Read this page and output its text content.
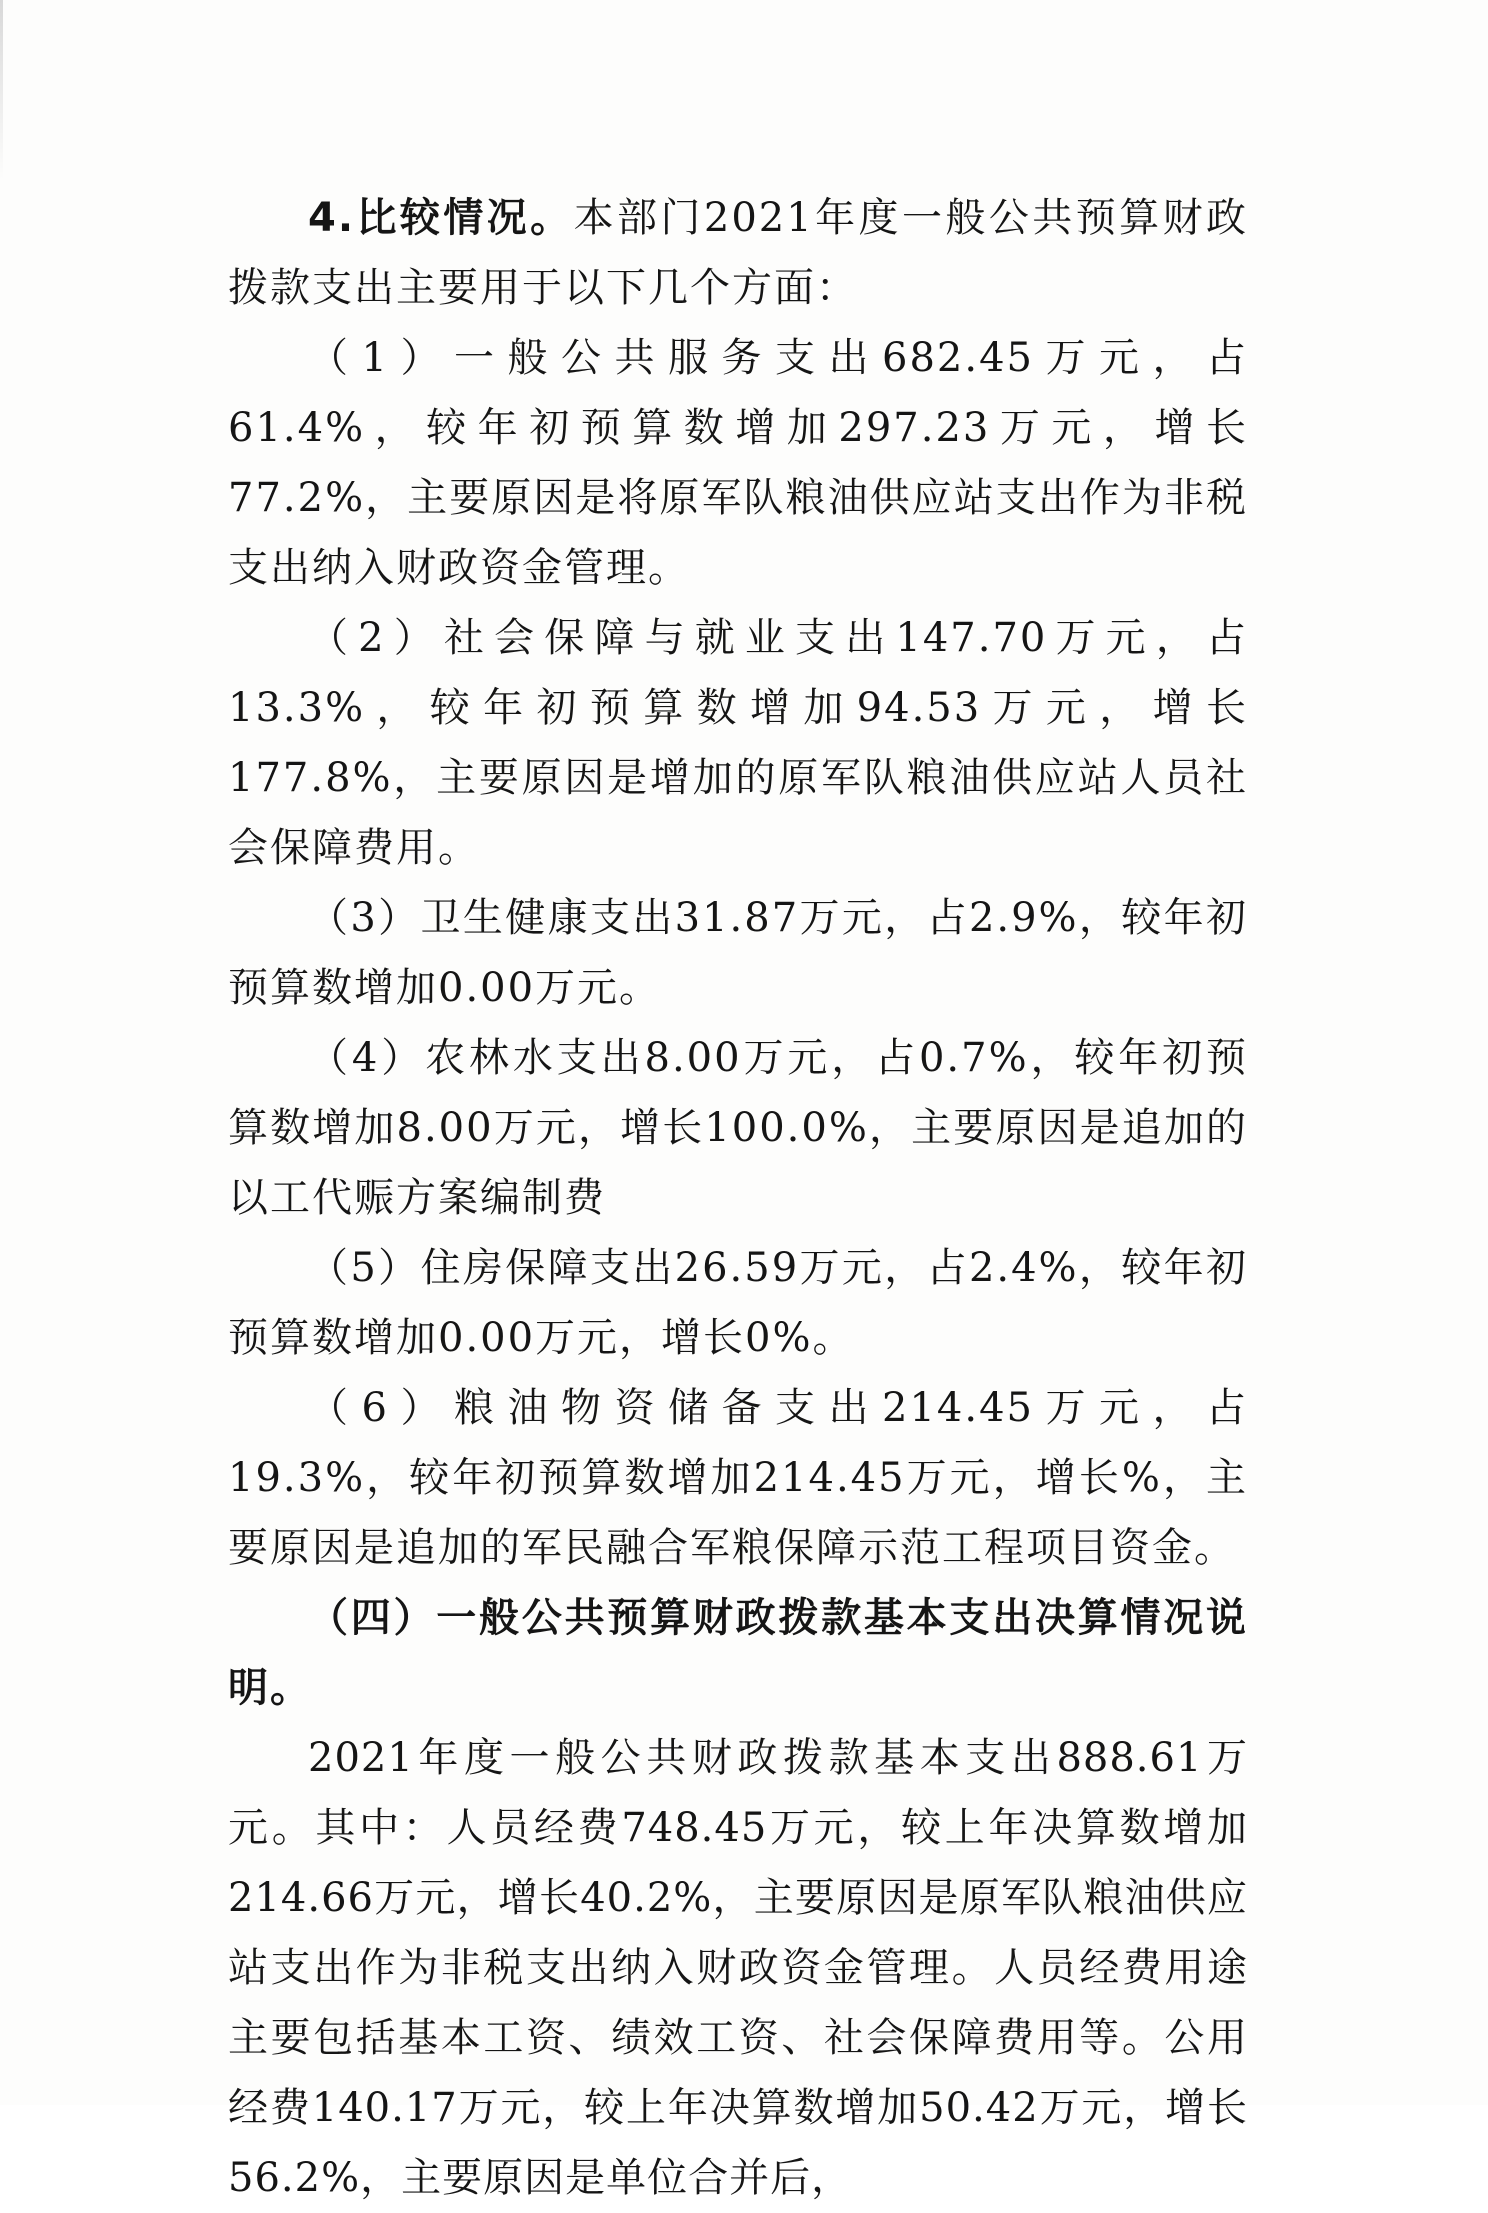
4.比较情况。本部门2021年度一般公共预算财政拨款支出主要用于以下几个方面：

（1）一般公共服务支出682.45万元，占61.4%，较年初预算数增加297.23万元，增长77.2%，主要原因是将原军队粮油供应站支出作为非税支出纳入财政资金管理。

（2）社会保障与就业支出147.70万元，占13.3%，较年初预算数增加94.53万元，增长177.8%，主要原因是增加的原军队粮油供应站人员社会保障费用。

（3）卫生健康支出31.87万元，占2.9%，较年初预算数增加0.00万元。

（4）农林水支出8.00万元，占0.7%，较年初预算数增加8.00万元，增长100.0%，主要原因是追加的以工代赈方案编制费

（5）住房保障支出26.59万元，占2.4%，较年初预算数增加0.00万元，增长0%。

（6）粮油物资储备支出214.45万元，占19.3%，较年初预算数增加214.45万元，增长%，主要原因是追加的军民融合军粮保障示范工程项目资金。

（四）一般公共预算财政拨款基本支出决算情况说明。

2021年度一般公共财政拨款基本支出888.61万元。其中：人员经费748.45万元，较上年决算数增加214.66万元，增长40.2%，主要原因是原军队粮油供应站支出作为非税支出纳入财政资金管理。人员经费用途主要包括基本工资、绩效工资、社会保障费用等。公用经费140.17万元，较上年决算数增加50.42万元，增长56.2%，主要原因是单位合并后，
